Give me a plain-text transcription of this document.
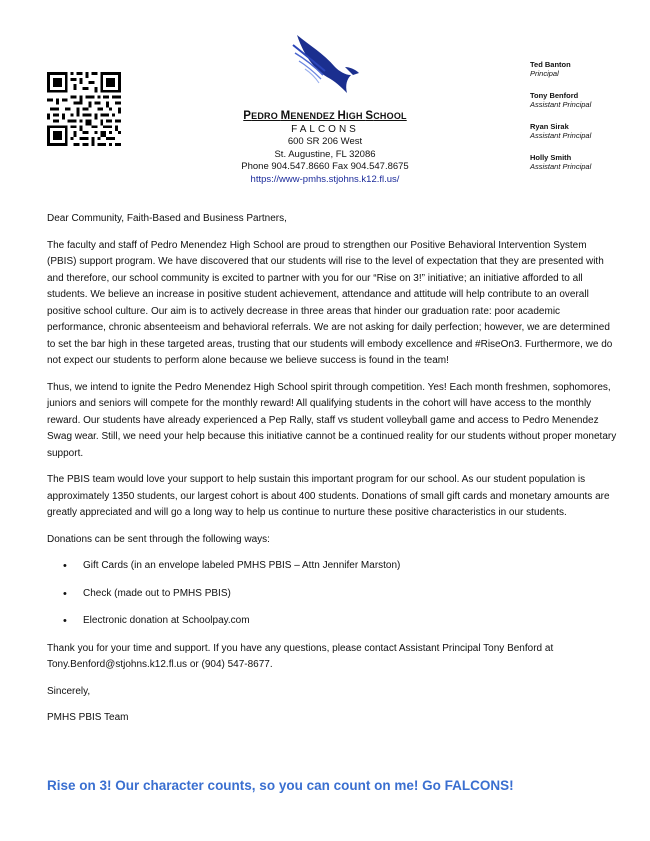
PEDRO MENENDEZ HIGH SCHOOL
FALCONS
600 SR 206 West
St. Augustine, FL 32086
Phone 904.547.8660 Fax 904.547.8675
https://www-pmhs.stjohns.k12.fl.us/
Ted Banton
Principal
Tony Benford
Assistant Principal
Ryan Sirak
Assistant Principal
Holly Smith
Assistant Principal

Dear Community, Faith-Based and Business Partners,

The faculty and staff of Pedro Menendez High School are proud to strengthen our Positive Behavioral Intervention System (PBIS) support program. We have discovered that our students will rise to the level of expectation that they are presented with and therefore, our school community is excited to partner with you for our “Rise on 3!” initiative; an initiative afforded to all students. We believe an increase in positive student achievement, attendance and attitude will help contribute to an overall positive school culture. Our aim is to actively decrease in three areas that hinder our graduation rate: poor academic performance, chronic absenteeism and behavioral referrals. We are not asking for daily perfection; however, we are determined to set the bar high in these targeted areas, trusting that our students will embody excellence and #RiseOn3. Furthermore, we do not expect our students to perform alone because we believe success is found in the team!

Thus, we intend to ignite the Pedro Menendez High School spirit through competition. Yes! Each month freshmen, sophomores, juniors and seniors will compete for the monthly reward! All qualifying students in the cohort will have access to the monthly reward. Our students have already experienced a Pep Rally, staff vs student volleyball game and access to Pedro Menendez Swag wear. Still, we need your help because this initiative cannot be a continued reality for our students without proper monetary support.

The PBIS team would love your support to help sustain this important program for our school. As our student population is approximately 1350 students, our largest cohort is about 400 students. Donations of small gift cards and monetary amounts are greatly appreciated and will go a long way to help us continue to nurture these positive characteristics in our students.

Donations can be sent through the following ways:

• Gift Cards (in an envelope labeled PMHS PBIS – Attn Jennifer Marston)
• Check (made out to PMHS PBIS)
• Electronic donation at Schoolpay.com

Thank you for your time and support. If you have any questions, please contact Assistant Principal Tony Benford at Tony.Benford@stjohns.k12.fl.us or (904) 547-8677.

Sincerely,

PMHS PBIS Team

Rise on 3! Our character counts, so you can count on me! Go FALCONS!
